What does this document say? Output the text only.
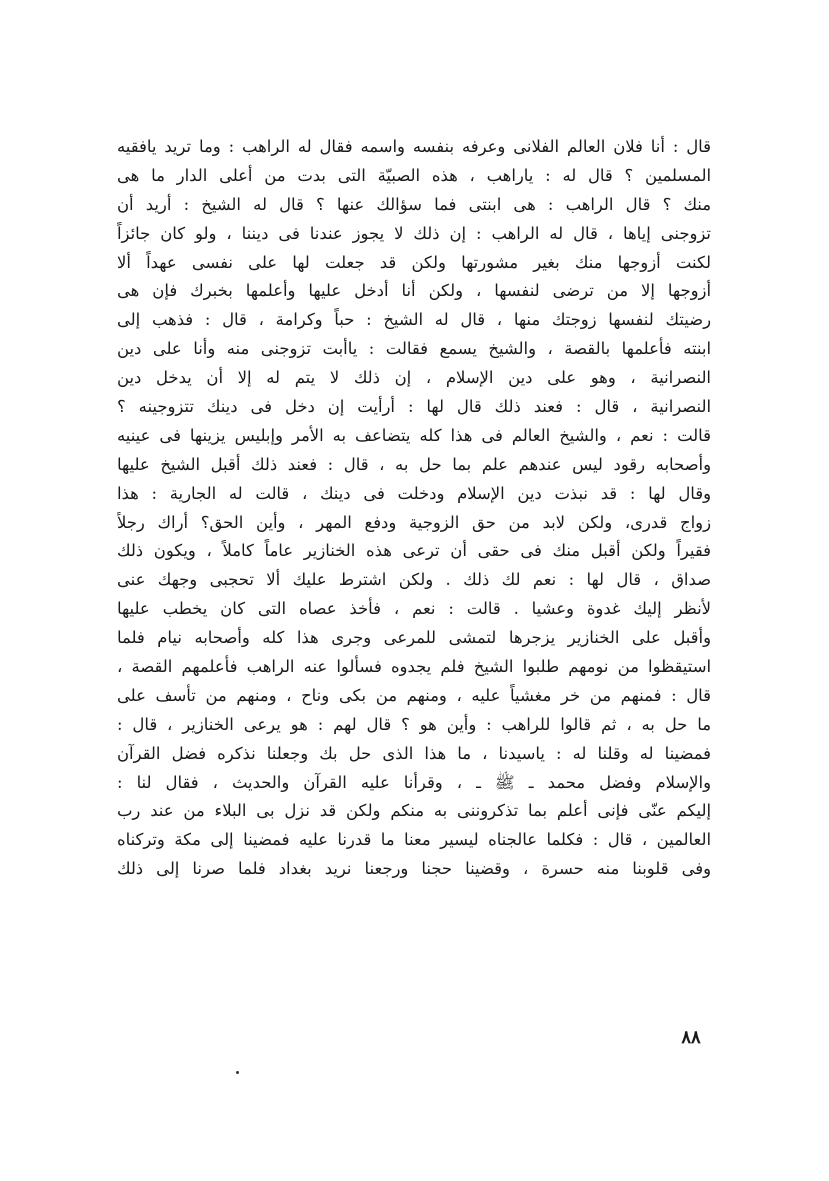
قال : أنا فلان العالم الفلانى وعرفه بنفسه واسمه فقال له الراهب : وما تريد يافقيه
المسلمين ؟ قال له : ياراهب ، هذه الصبيّة التى بدت من أعلى الدار ما هى
منك ؟ قال الراهب : هى ابنتى فما سؤالك عنها ؟ قال له الشيخ : أريد أن
تزوجنى إياها ، قال له الراهب : إن ذلك لا يجوز عندنا فى ديننا ، ولو كان جائزاً
لكنت أزوجها منك بغير مشورتها ولكن قد جعلت لها على نفسى عهداً ألا
أزوجها إلا من ترضى لنفسها ، ولكن أنا أدخل عليها وأعلمها بخبرك فإن هى
رضيتك لنفسها زوجتك منها ، قال له الشيخ : حباً وكرامة ، قال : فذهب إلى
ابنته فأعلمها بالقصة ، والشيخ يسمع فقالت : ياأبت تزوجنى منه وأنا على دين
النصرانية ، وهو على دين الإسلام ، إن ذلك لا يتم له إلا أن يدخل دين
النصرانية ، قال : فعند ذلك قال لها : أرأيت إن دخل فى دينك تتزوجينه ؟
قالت : نعم ، والشيخ العالم فى هذا كله يتضاعف به الأمر وإبليس يزينها فى عينيه
وأصحابه رقود ليس عندهم علم بما حل به ، قال : فعند ذلك أقبل الشيخ عليها
وقال لها : قد نبذت دين الإسلام ودخلت فى دينك ، قالت له الجارية : هذا
زواج قدرى، ولكن لابد من حق الزوجية ودفع المهر ، وأين الحق؟ أراك رجلاً
فقيراً ولكن أقبل منك فى حقى أن ترعى هذه الخنازير عاماً كاملاً ، ويكون ذلك
صداق ، قال لها : نعم لك ذلك . ولكن اشترط عليك ألا تحجبى وجهك عنى
لأنظر إليك غدوة وعشيا . قالت : نعم ، فأخذ عصاه التى كان يخطب عليها
وأقبل على الخنازير يزجرها لتمشى للمرعى وجرى هذا كله وأصحابه نيام فلما
استيقظوا من نومهم طلبوا الشيخ فلم يجدوه فسألوا عنه الراهب فأعلمهم القصة ،
قال : فمنهم من خر مغشياً عليه ، ومنهم من بكى وناح ، ومنهم من تأسف على
ما حل به ، ثم قالوا للراهب : وأين هو ؟ قال لهم : هو يرعى الخنازير ، قال :
فمضينا له وقلنا له : ياسيدنا ، ما هذا الذى حل بك وجعلنا نذكره فضل القرآن
والإسلام وفضل محمد ـ ﷺ ـ ، وقرأنا عليه القرآن والحديث ، فقال لنا :
إليكم عنّى فإنى أعلم بما تذكروننى به منكم ولكن قد نزل بى البلاء من عند رب
العالمين ، قال : فكلما عالجناه ليسير معنا ما قدرنا عليه فمضينا إلى مكة وتركناه
وفى قلوبنا منه حسرة ، وقضينا حجنا ورجعنا نريد بغداد فلما صرنا إلى ذلك
٨٨
